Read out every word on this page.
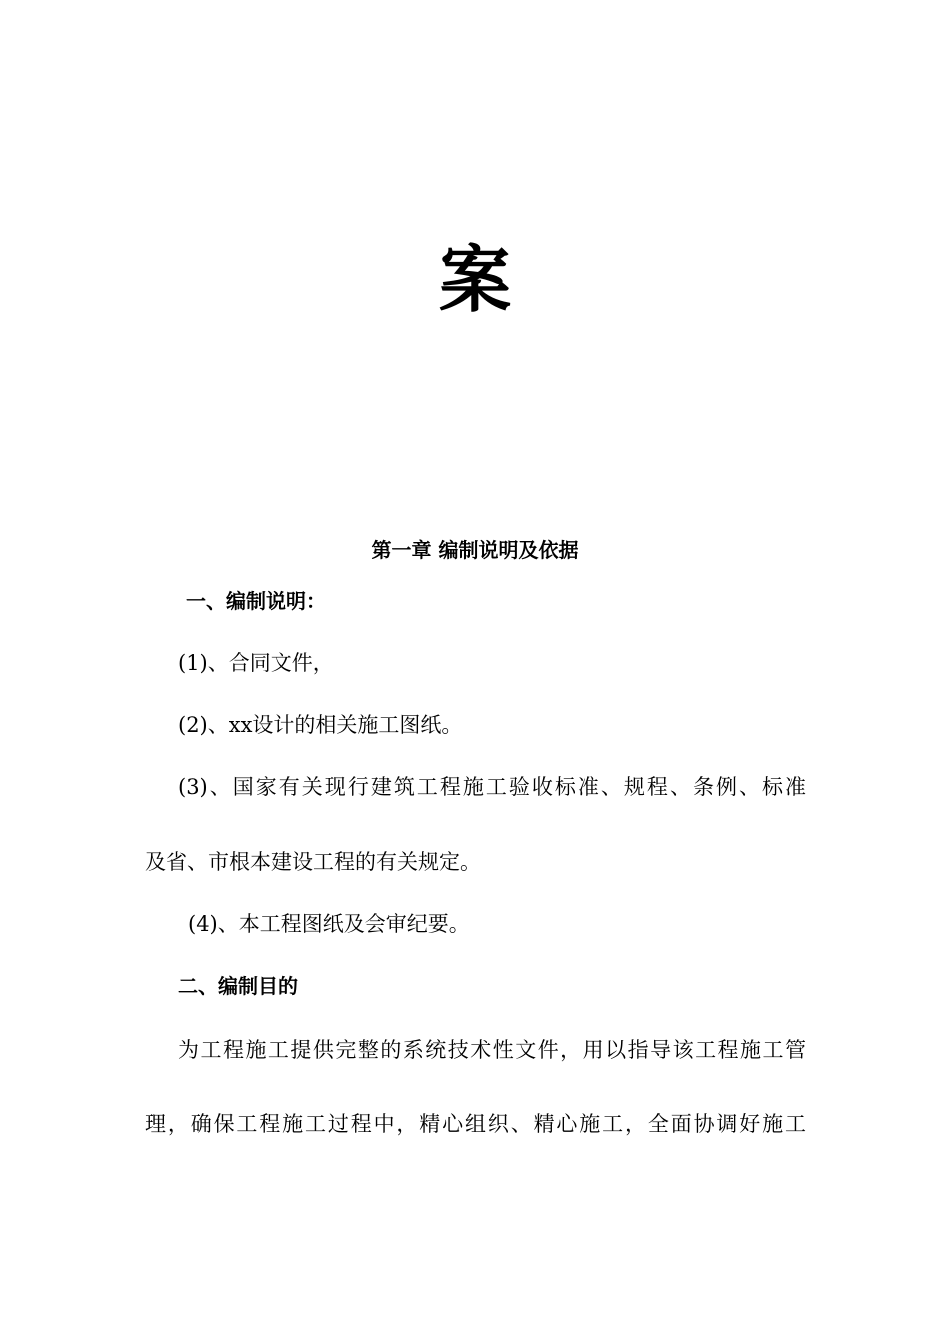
案
第一章 编制说明及依据
一、编制说明：
(1)、合同文件，
(2)、xx设计的相关施工图纸。
(3)、国家有关现行建筑工程施工验收标准、规程、条例、标准
及省、市根本建设工程的有关规定。
(4)、本工程图纸及会审纪要。
二、编制目的
为工程施工提供完整的系统技术性文件，用以指导该工程施工管
理，确保工程施工过程中，精心组织、精心施工，全面协调好施工
